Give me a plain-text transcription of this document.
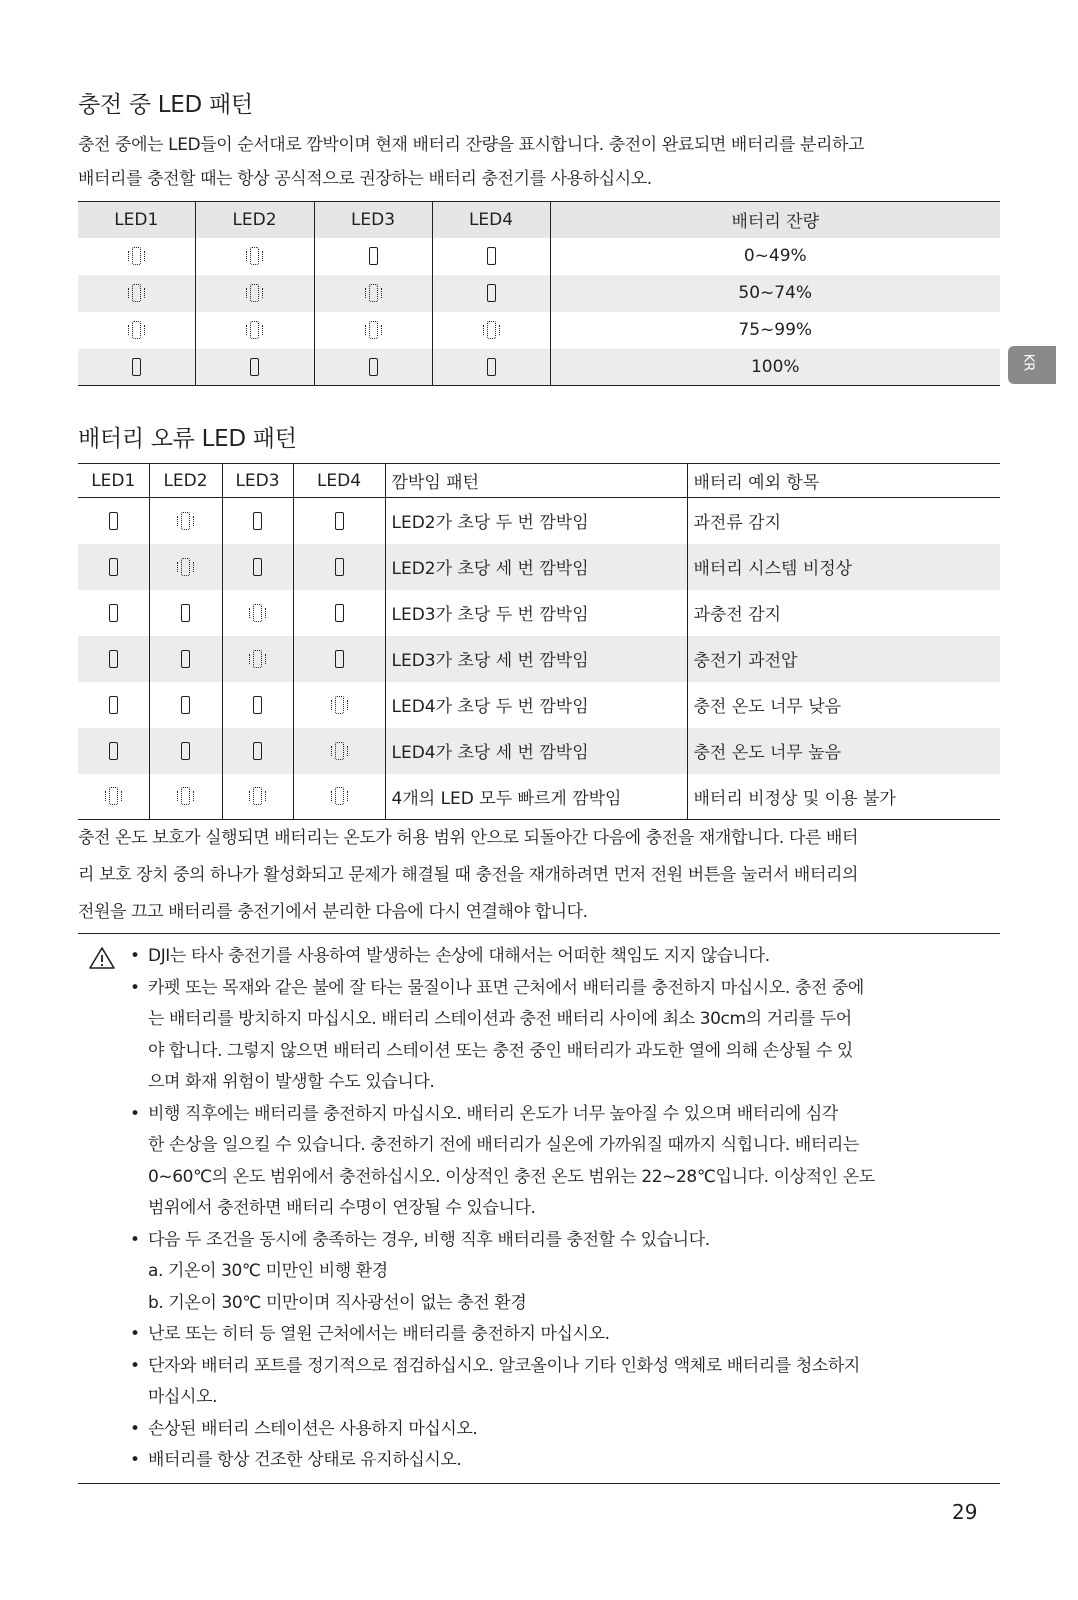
충전 중 LED 패턴
충전 중에는 LED들이 순서대로 깜박이며 현재 배터리 잔량을 표시합니다. 충전이 완료되면 배터리를 분리하고
배터리를 충전할 때는 항상 공식적으로 권장하는 배터리 충전기를 사용하십시오.
LED1	LED2	LED3	LED4	배터리 잔량
				0~49%
				50~74%
				75~99%
				100%
배터리 오류 LED 패턴
LED1	LED2	LED3	LED4	깜박임 패턴	배터리 예외 항목
				LED2가 초당 두 번 깜박임	과전류 감지
				LED2가 초당 세 번 깜박임	배터리 시스템 비정상
				LED3가 초당 두 번 깜박임	과충전 감지
				LED3가 초당 세 번 깜박임	충전기 과전압
				LED4가 초당 두 번 깜박임	충전 온도 너무 낮음
				LED4가 초당 세 번 깜박임	충전 온도 너무 높음
				4개의 LED 모두 빠르게 깜박임	배터리 비정상 및 이용 불가
충전 온도 보호가 실행되면 배터리는 온도가 허용 범위 안으로 되돌아간 다음에 충전을 재개합니다. 다른 배터
리 보호 장치 중의 하나가 활성화되고 문제가 해결될 때 충전을 재개하려면 먼저 전원 버튼을 눌러서 배터리의
전원을 끄고 배터리를 충전기에서 분리한 다음에 다시 연결해야 합니다.
• DJI는 타사 충전기를 사용하여 발생하는 손상에 대해서는 어떠한 책임도 지지 않습니다.
• 카펫 또는 목재와 같은 불에 잘 타는 물질이나 표면 근처에서 배터리를 충전하지 마십시오. 충전 중에
는 배터리를 방치하지 마십시오. 배터리 스테이션과 충전 배터리 사이에 최소 30cm의 거리를 두어
야 합니다. 그렇지 않으면 배터리 스테이션 또는 충전 중인 배터리가 과도한 열에 의해 손상될 수 있
으며 화재 위험이 발생할 수도 있습니다.
• 비행 직후에는 배터리를 충전하지 마십시오. 배터리 온도가 너무 높아질 수 있으며 배터리에 심각
한 손상을 일으킬 수 있습니다. 충전하기 전에 배터리가 실온에 가까워질 때까지 식힙니다. 배터리는
0~60℃의 온도 범위에서 충전하십시오. 이상적인 충전 온도 범위는 22~28℃입니다. 이상적인 온도
범위에서 충전하면 배터리 수명이 연장될 수 있습니다.
• 다음 두 조건을 동시에 충족하는 경우, 비행 직후 배터리를 충전할 수 있습니다.
a. 기온이 30℃ 미만인 비행 환경
b. 기온이 30℃ 미만이며 직사광선이 없는 충전 환경
• 난로 또는 히터 등 열원 근처에서는 배터리를 충전하지 마십시오.
• 단자와 배터리 포트를 정기적으로 점검하십시오. 알코올이나 기타 인화성 액체로 배터리를 청소하지
마십시오.
• 손상된 배터리 스테이션은 사용하지 마십시오.
• 배터리를 항상 건조한 상태로 유지하십시오.
KR
29
